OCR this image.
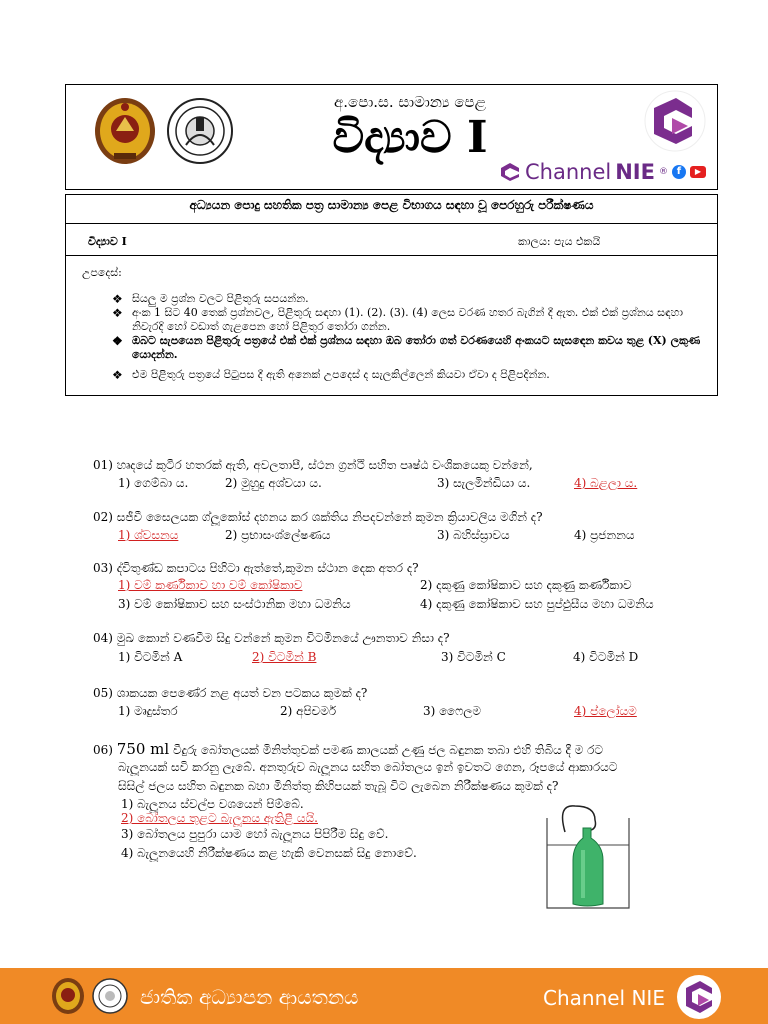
අ.පො.ස. සාමාන්‍ය පෙළ
විද්‍යාව I
Channel NIE ® f	▶
අධ්‍යයන පොදු සහතික පත්‍ර සාමාන්‍ය පෙළ විභාගය සඳහා වූ පෙරහුරු පරීක්ෂණය
විද්‍යාව I	කාලය: පැය එකයි
උපදෙස්:
❖ සියලු ම ප්‍රශ්න වලට පිළිතුරු සපයන්න.
❖ අංක 1 සිට 40 තෙක් ප්‍රශ්නවල, පිළිතුරු සඳහා (1). (2). (3). (4) ලෙස වරණ හතර බැගින් දී ඇත. එක් එක් ප්‍රශ්නය සඳහා නිවැරදි හෝ වඩාත් ගැළපෙන හෝ පිළිතුර තෝරා ගන්න.
❖ ඔබට සැපයෙන පිළිතුරු පත්‍රයේ එක් එක් ප්‍රශ්නය සඳහා ඔබ තෝරා ගත් වරණයෙහි අංකයට සැසඳෙන කවය තුළ (X) ලකුණ යොදන්න.
❖ එම පිළිතුරු පත්‍රයේ පිටුපස දී ඇති අනෙක් උපදෙස් ද සැලකිල්ලෙන් කියවා ඒවා ද පිළිපදින්න.
01) හෘදයේ කුටීර හතරක් ඇති, අවලතාපී, ස්ථන ග්‍රන්ථි සහිත පෘෂ්ඨ වංශිකයෙකු වන්නේ,
1) ගෙම්බා ය.	2) මුහුදු අශ්වයා ය.	3) සැලමින්ඩියා ය.	4) බළලා ය.
02) සජීවී සෛලයක ග්ලූකෝස් දහනය කර ශක්තිය නිපදවන්නේ කුමන ක්‍රියාවලිය මගින් ද?
1) ශ්වසනය	2) ප්‍රභාසංශ්ලේෂණය	3) බහිස්ස්‍රාවය	4) ප්‍රජනනය
03) ද්විතුණ්ඩ කපාටය පිහිටා ඇත්තේ,කුමන ස්ථාන දෙක අතර ද?
1) වම් කර්ණිකාව හා වම් කෝෂිකාව	2) දකුණු කෝෂිකාව සහ දකුණු කර්ණිකාව
3) වම් කෝෂිකාව සහ සංස්ථානික මහා ධමනිය	4) දකුණු කෝෂිකාව සහ පුප්ඵුසීය මහා ධමනිය
04) මුඛ කොන් වණවීම සිදු වන්නේ කුමන විටමිනයේ ඌනතාව නිසා ද?
1) විටමින් A	2) විටමින් B	3) විටමින් C	4) විටමින් D
05) ශාකයක පෙණේර නළ අයත් වන පටකය කුමක් ද?
1) මෘදුස්තර	2) අපිචර්ම	3) ෆෛලම	4) ප්ලෝයම
06) 750 ml වීදුරු බෝතලයක් මිනිත්තුවක් පමණ කාලයක් උණු ජල බඳුනක තබා එහි තිබිය දී ම රට
බැලූනයක් සවි කරනු ලැබේ. අනතුරුව බැලූනය සහිත බෝතලය ඉන් ඉවතට ගෙන, රූපයේ ආකාරයට
සිසිල් ජලය සහිත බඳුනක බහා මිනිත්තු කිහිපයක් තැබූ විට ලැබෙන නිරීක්ෂණය කුමක් ද?
1) බැලූනය ස්වල්ප වශයෙන් පිම්බේ.
2) බෝතලය තුළට බැලූනය ඇතිළී යයි.
3) බෝතලය පුපුරා යාම හෝ බැලූනය පිපිරීම සිදු වේ.
4) බැලූනයෙහි නිරීක්ෂණය කළ හැකි වෙනසක් සිදු නොවේ.
ජාතික අධ්‍යාපන ආයතනය	Channel NIE
